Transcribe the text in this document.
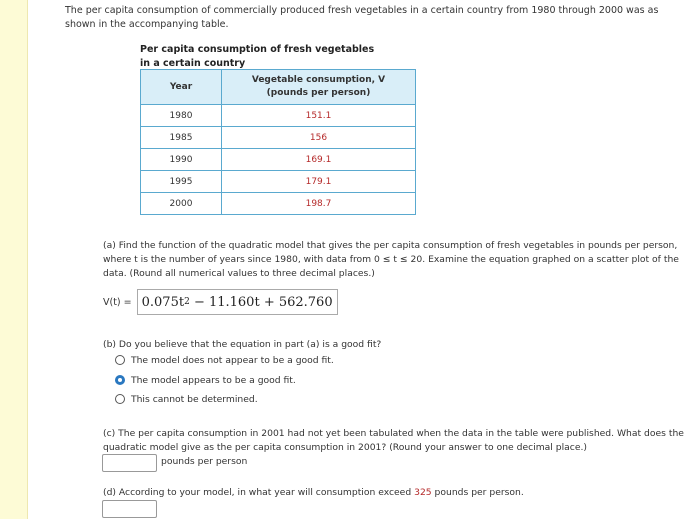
The per capita consumption of commercially produced fresh vegetables in a certain country from 1980 through 2000 was as shown in the accompanying table.
Per capita consumption of fresh vegetables
in a certain country
Year	Vegetable consumption, V
(pounds per person)

1980	151.1
1985	156
1990	169.1
1995	179.1
2000	198.7
(a) Find the function of the quadratic model that gives the per capita consumption of fresh vegetables in pounds per person, where t is the number of years since 1980, with data from 0 ≤ t ≤ 20. Examine the equation graphed on a scatter plot of the data. (Round all numerical values to three decimal places.)
V(t) = 0.075t 2 − 11.160t + 562.760
(b) Do you believe that the equation in part (a) is a good fit?
The model does not appear to be a good fit.
The model appears to be a good fit.
This cannot be determined.
(c) The per capita consumption in 2001 had not yet been tabulated when the data in the table were published. What does the quadratic model give as the per capita consumption in 2001? (Round your answer to one decimal place.)
pounds per person
(d) According to your model, in what year will consumption exceed 325 pounds per person.
